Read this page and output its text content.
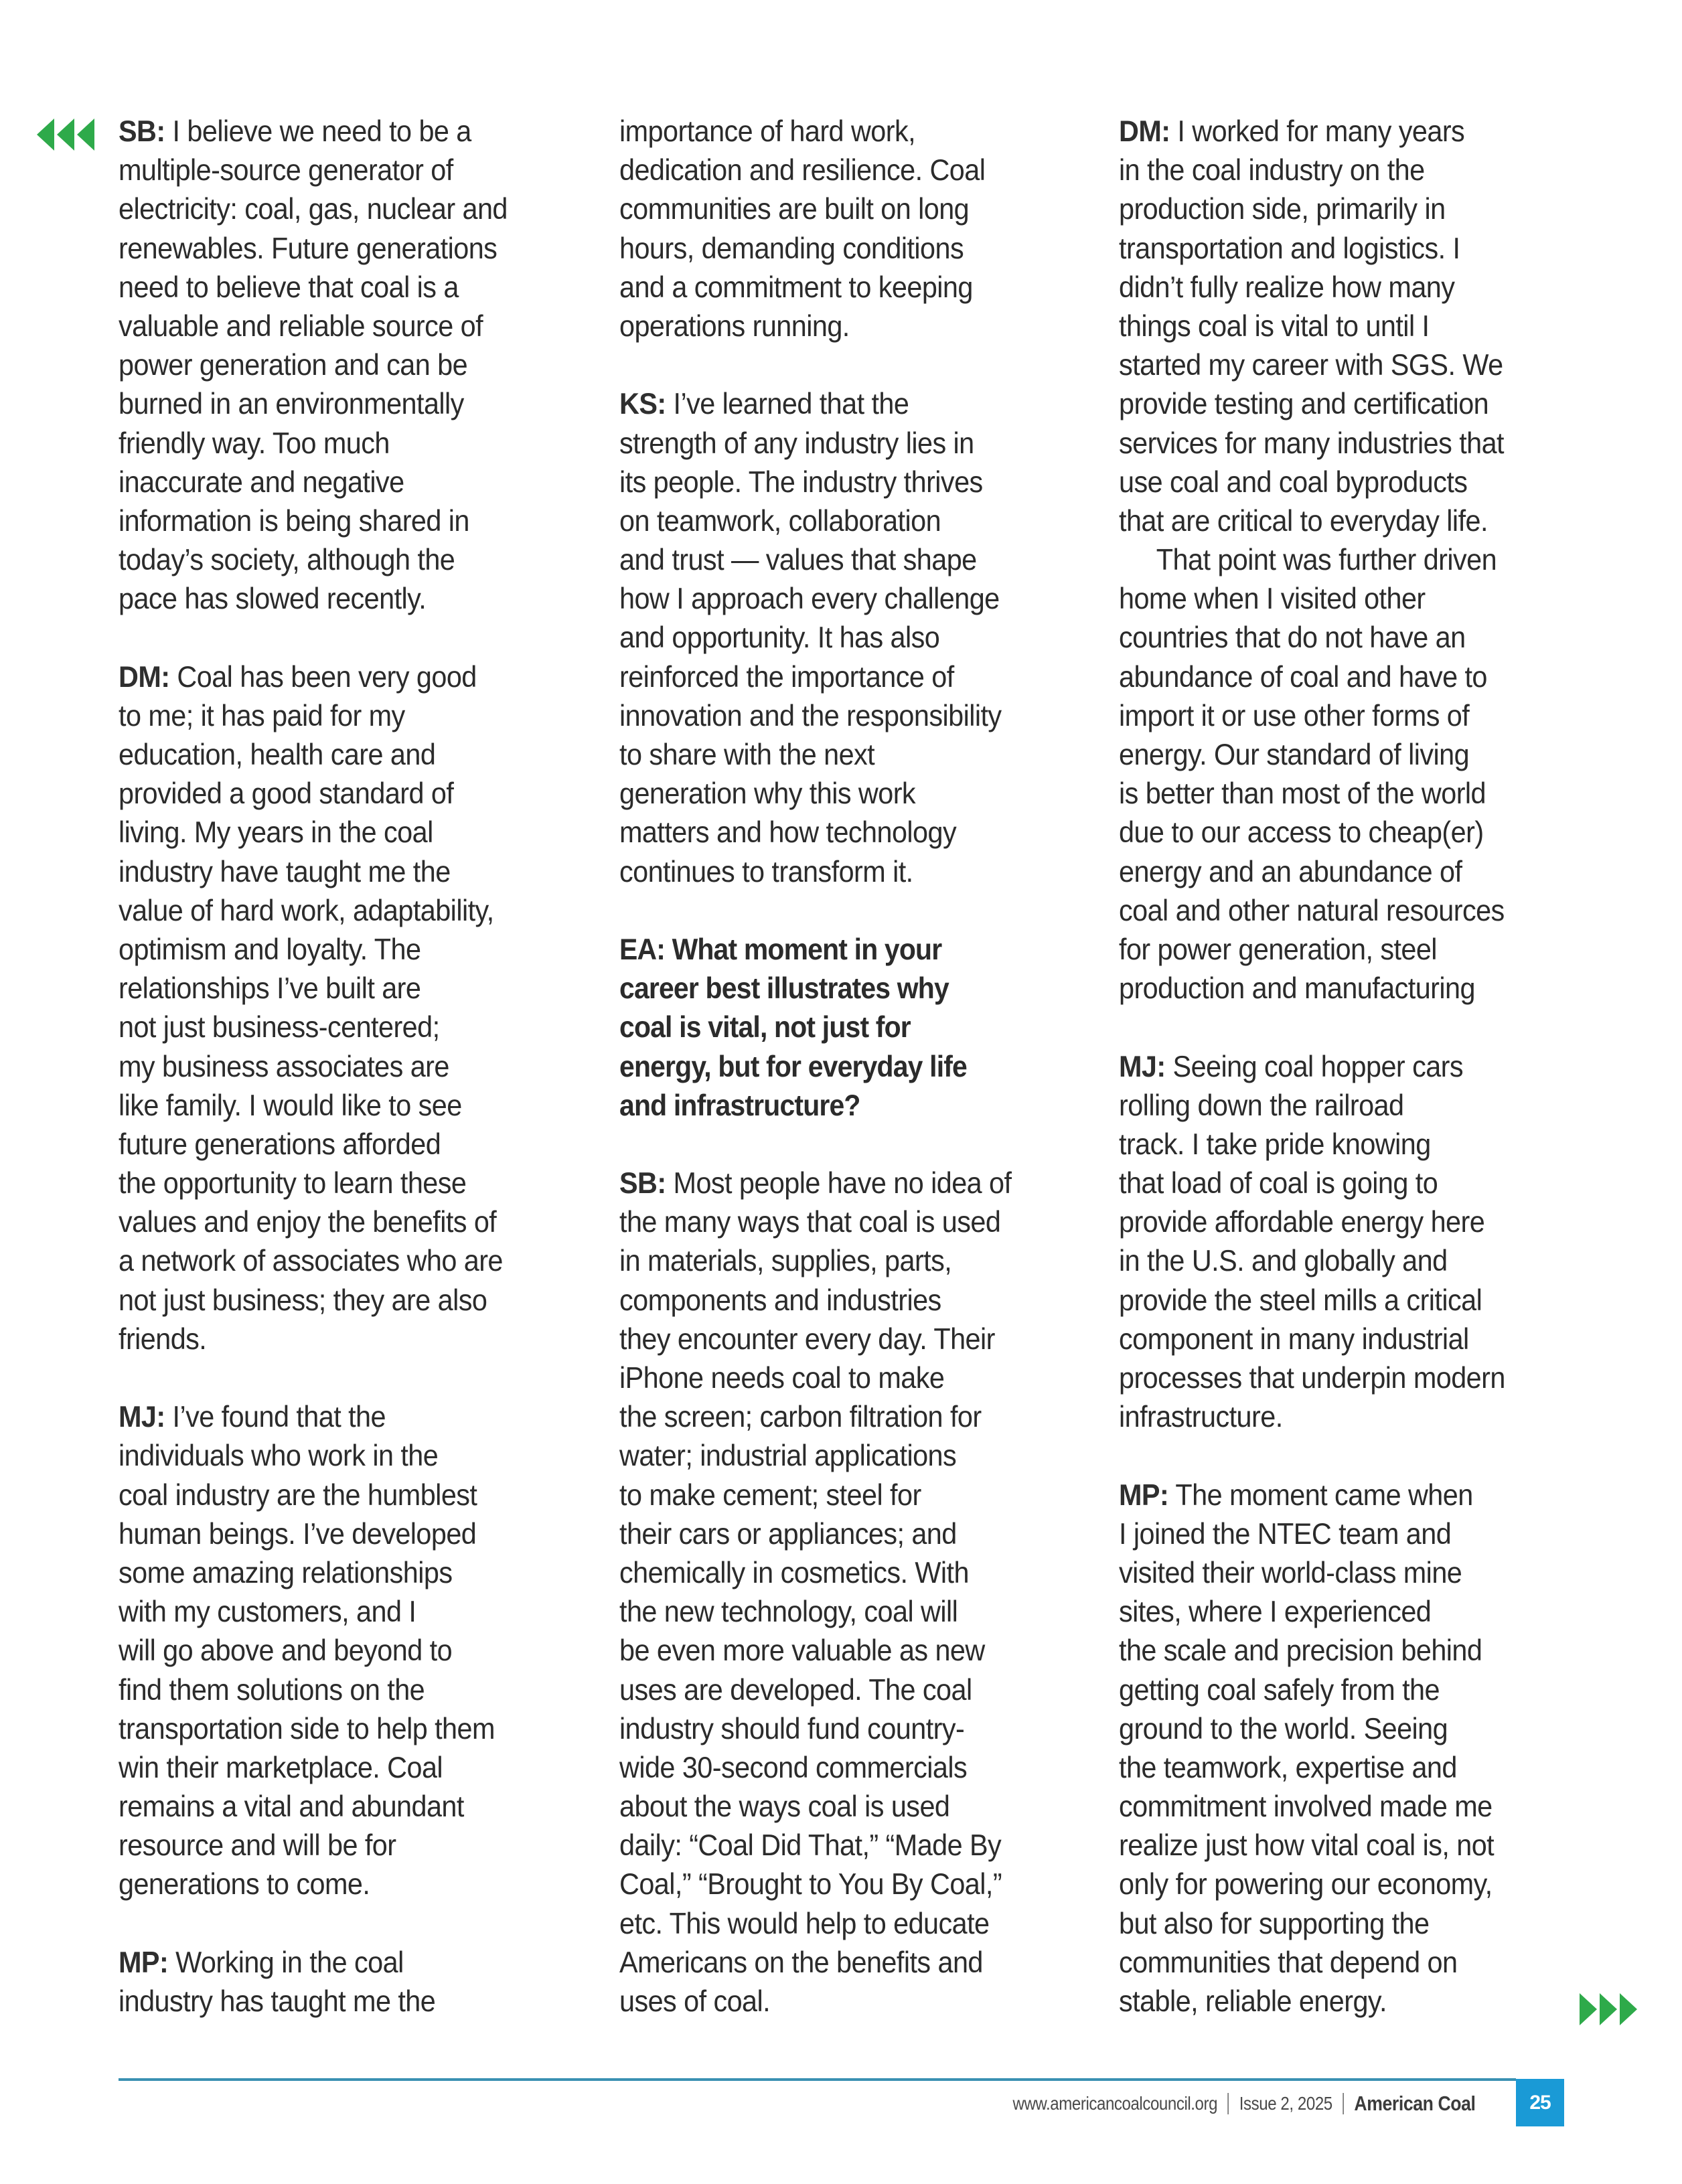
SB: I believe we need to be a
multiple-source generator of
electricity: coal, gas, nuclear and
renewables. Future generations
need to believe that coal is a
valuable and reliable source of
power generation and can be
burned in an environmentally
friendly way. Too much
inaccurate and negative
information is being shared in
today’s society, although the
pace has slowed recently.
DM: Coal has been very good
to me; it has paid for my
education, health care and
provided a good standard of
living. My years in the coal
industry have taught me the
value of hard work, adaptability,
optimism and loyalty. The
relationships I’ve built are
not just business-centered;
my business associates are
like family. I would like to see
future generations afforded
the opportunity to learn these
values and enjoy the benefits of
a network of associates who are
not just business; they are also
friends.
MJ: I’ve found that the
individuals who work in the
coal industry are the humblest
human beings. I’ve developed
some amazing relationships
with my customers, and I
will go above and beyond to
find them solutions on the
transportation side to help them
win their marketplace. Coal
remains a vital and abundant
resource and will be for
generations to come.
MP: Working in the coal
industry has taught me the
importance of hard work,
dedication and resilience. Coal
communities are built on long
hours, demanding conditions
and a commitment to keeping
operations running.
KS: I’ve learned that the
strength of any industry lies in
its people. The industry thrives
on teamwork, collaboration
and trust — values that shape
how I approach every challenge
and opportunity. It has also
reinforced the importance of
innovation and the responsibility
to share with the next
generation why this work
matters and how technology
continues to transform it.
EA: What moment in your
career best illustrates why
coal is vital, not just for
energy, but for everyday life
and infrastructure?
SB: Most people have no idea of
the many ways that coal is used
in materials, supplies, parts,
components and industries
they encounter every day. Their
iPhone needs coal to make
the screen; carbon filtration for
water; industrial applications
to make cement; steel for
their cars or appliances; and
chemically in cosmetics. With
the new technology, coal will
be even more valuable as new
uses are developed. The coal
industry should fund country-
wide 30-second commercials
about the ways coal is used
daily: “Coal Did That,” “Made By
Coal,” “Brought to You By Coal,”
etc. This would help to educate
Americans on the benefits and
uses of coal.
DM: I worked for many years
in the coal industry on the
production side, primarily in
transportation and logistics. I
didn’t fully realize how many
things coal is vital to until I
started my career with SGS. We
provide testing and certification
services for many industries that
use coal and coal byproducts
that are critical to everyday life.
That point was further driven
home when I visited other
countries that do not have an
abundance of coal and have to
import it or use other forms of
energy. Our standard of living
is better than most of the world
due to our access to cheap(er)
energy and an abundance of
coal and other natural resources
for power generation, steel
production and manufacturing
MJ: Seeing coal hopper cars
rolling down the railroad
track. I take pride knowing
that load of coal is going to
provide affordable energy here
in the U.S. and globally and
provide the steel mills a critical
component in many industrial
processes that underpin modern
infrastructure.
MP: The moment came when
I joined the NTEC team and
visited their world-class mine
sites, where I experienced
the scale and precision behind
getting coal safely from the
ground to the world. Seeing
the teamwork, expertise and
commitment involved made me
realize just how vital coal is, not
only for powering our economy,
but also for supporting the
communities that depend on
stable, reliable energy.
www.americancoalcouncil.org Issue 2, 2025 American Coal	25
